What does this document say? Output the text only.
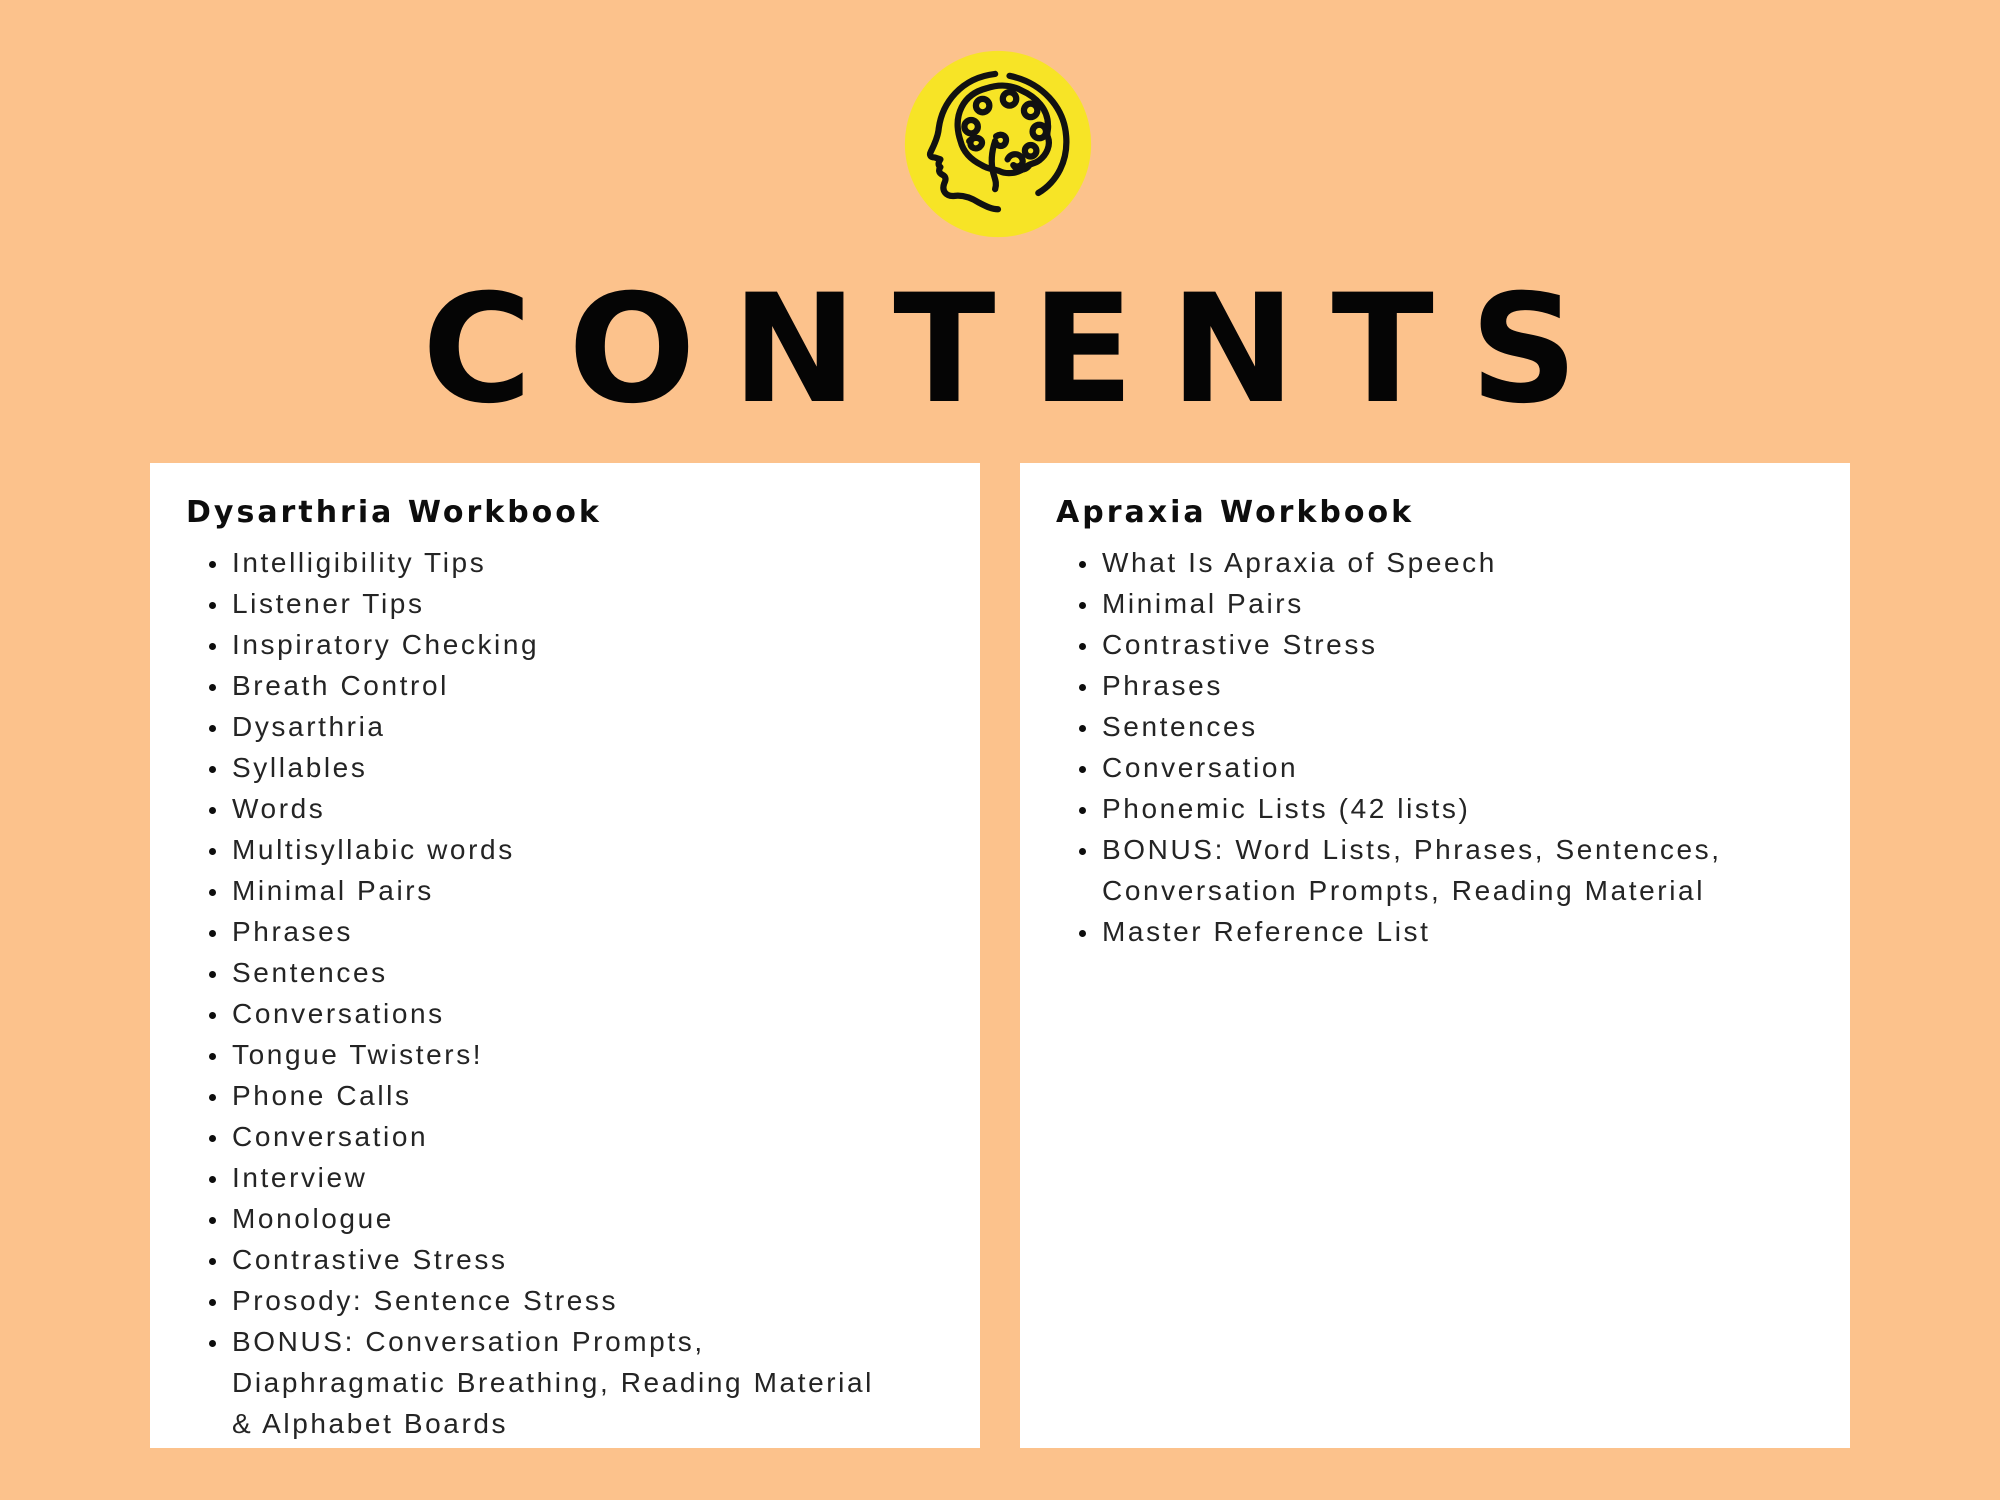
CONTENTS
Dysarthria Workbook
• Intelligibility Tips
• Listener Tips
• Inspiratory Checking
• Breath Control
• Dysarthria
• Syllables
• Words
• Multisyllabic words
• Minimal Pairs
• Phrases
• Sentences
• Conversations
• Tongue Twisters!
• Phone Calls
• Conversation
• Interview
• Monologue
• Contrastive Stress
• Prosody: Sentence Stress
• BONUS: Conversation Prompts, Diaphragmatic Breathing, Reading Material & Alphabet Boards
Apraxia Workbook
• What Is Apraxia of Speech
• Minimal Pairs
• Contrastive Stress
• Phrases
• Sentences
• Conversation
• Phonemic Lists (42 lists)
• BONUS: Word Lists, Phrases, Sentences, Conversation Prompts, Reading Material
• Master Reference List
